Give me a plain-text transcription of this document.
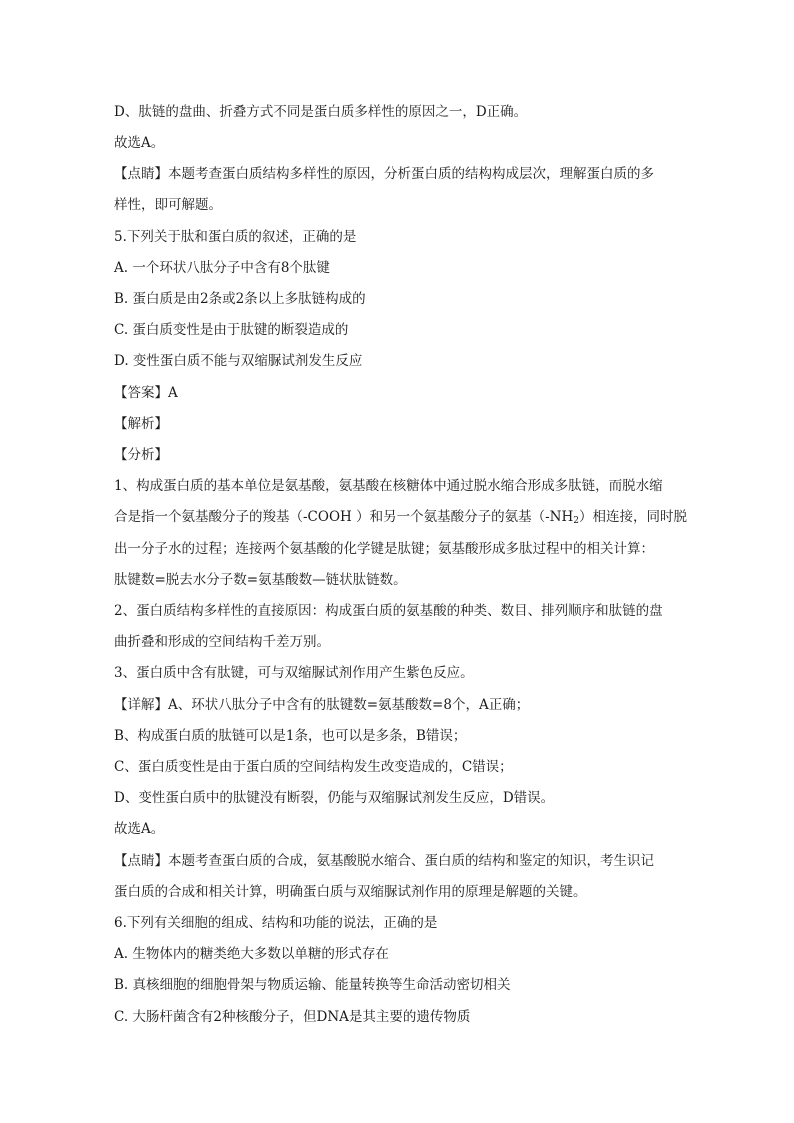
D、肽链的盘曲、折叠方式不同是蛋白质多样性的原因之一，D正确。
故选A。
【点睛】本题考查蛋白质结构多样性的原因，分析蛋白质的结构构成层次，理解蛋白质的多
样性，即可解题。
5.下列关于肽和蛋白质的叙述，正确的是
A. 一个环状八肽分子中含有8个肽键
B. 蛋白质是由2条或2条以上多肽链构成的
C. 蛋白质变性是由于肽键的断裂造成的
D. 变性蛋白质不能与双缩脲试剂发生反应
【答案】A
【解析】
【分析】
1、构成蛋白质的基本单位是氨基酸，氨基酸在核糖体中通过脱水缩合形成多肽链，而脱水缩
合是指一个氨基酸分子的羧基（-COOH ）和另一个氨基酸分子的氨基$(-NH_2)$相连接，同时脱
出一分子水的过程；连接两个氨基酸的化学键是肽键；氨基酸形成多肽过程中的相关计算：
肽键数=脱去水分子数=氨基酸数—链状肽链数。
2、蛋白质结构多样性的直接原因：构成蛋白质的氨基酸的种类、数目、排列顺序和肽链的盘
曲折叠和形成的空间结构千差万别。
3、蛋白质中含有肽键，可与双缩脲试剂作用产生紫色反应。
【详解】A、环状八肽分子中含有的肽键数=氨基酸数=8个，A正确；
B、构成蛋白质的肽链可以是1条，也可以是多条，B错误；
C、蛋白质变性是由于蛋白质的空间结构发生改变造成的，C错误；
D、变性蛋白质中的肽键没有断裂，仍能与双缩脲试剂发生反应，D错误。
故选A。
【点睛】本题考查蛋白质的合成，氨基酸脱水缩合、蛋白质的结构和鉴定的知识，考生识记
蛋白质的合成和相关计算，明确蛋白质与双缩脲试剂作用的原理是解题的关键。
6.下列有关细胞的组成、结构和功能的说法，正确的是
A. 生物体内的糖类绝大多数以单糖的形式存在
B. 真核细胞的细胞骨架与物质运输、能量转换等生命活动密切相关
C. 大肠杆菌含有2种核酸分子，但DNA是其主要的遗传物质
